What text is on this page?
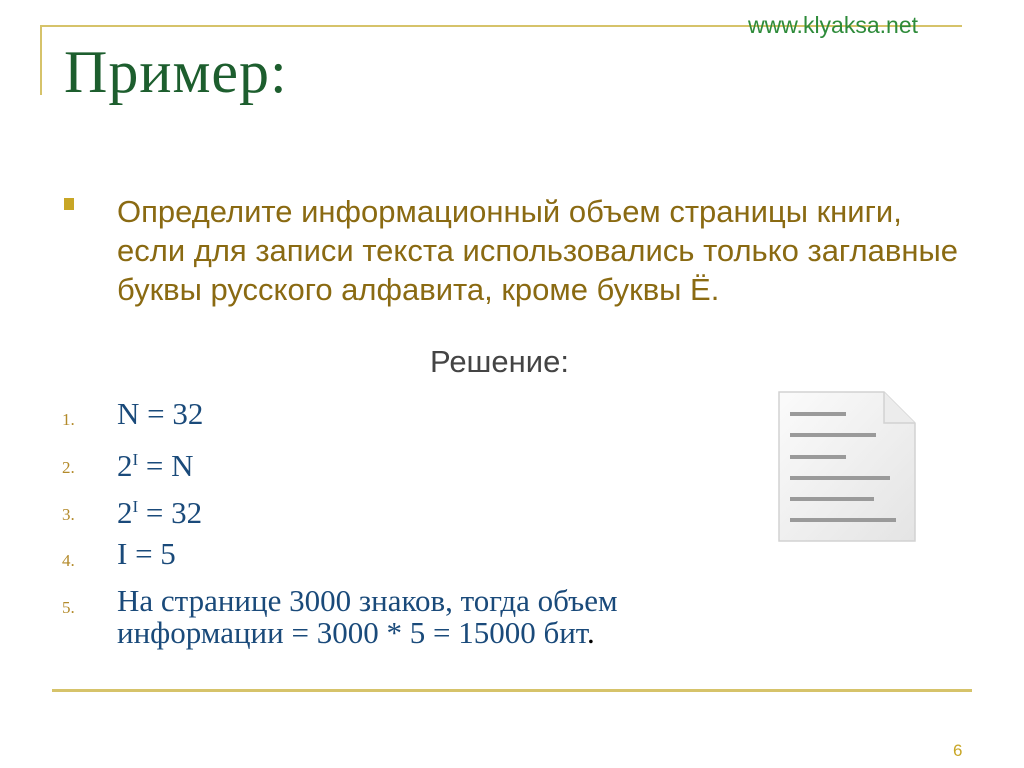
www.klyaksa.net
Пример:

Определите информационный объем страницы книги, если для записи текста использовались только заглавные буквы русского алфавита, кроме буквы Ё.

Решение:

1. N = 32
2. $2^I = N$
3. $2^I = 32$
4. I = 5
5. На странице 3000 знаков, тогда объем
информации = 3000 * 5 = 15000 бит.
6
